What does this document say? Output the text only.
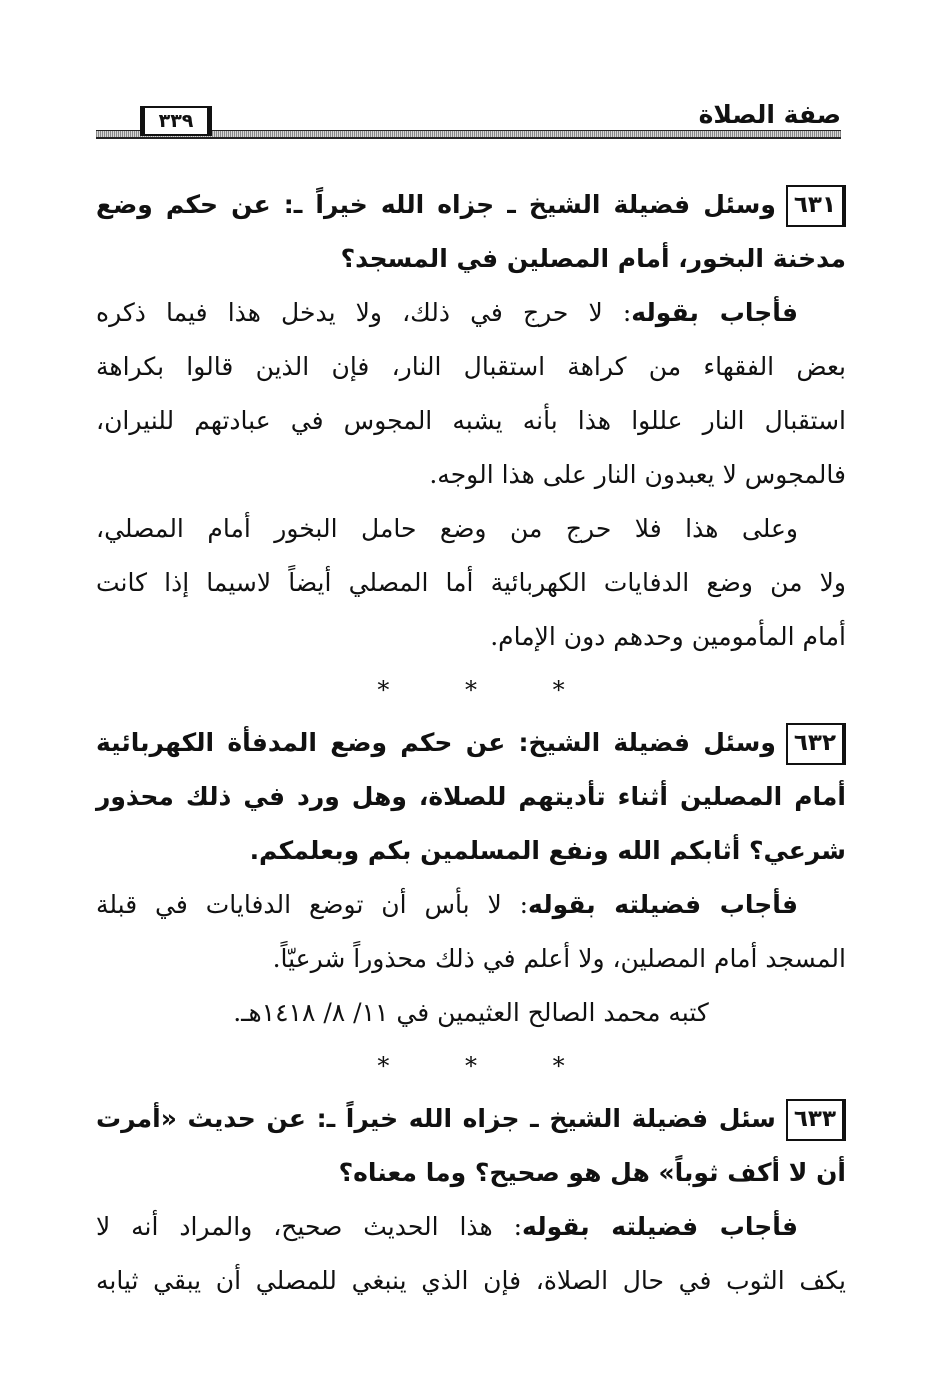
صفة الصلاة
٣٣٩
٦٣١وسئل فضيلة الشيخ ـ جزاه الله خيراً ـ: عن حكم وضع
مدخنة البخور، أمام المصلين في المسجد؟
فأجاب بقوله: لا حرج في ذلك، ولا يدخل هذا فيما ذكره
بعض الفقهاء من كراهة استقبال النار، فإن الذين قالوا بكراهة
استقبال النار عللوا هذا بأنه يشبه المجوس في عبادتهم للنيران،
فالمجوس لا يعبدون النار على هذا الوجه.
وعلى هذا فلا حرج من وضع حامل البخور أمام المصلي،
ولا من وضع الدفايات الكهربائية أما المصلي أيضاً لاسيما إذا كانت
أمام المأمومين وحدهم دون الإمام.
* * *
٦٣٢وسئل فضيلة الشيخ: عن حكم وضع المدفأة الكهربائية
أمام المصلين أثناء تأديتهم للصلاة، وهل ورد في ذلك محذور
شرعي؟ أثابكم الله ونفع المسلمين بكم وبعلمكم.
فأجاب فضيلته بقوله: لا بأس أن توضع الدفايات في قبلة
المسجد أمام المصلين، ولا أعلم في ذلك محذوراً شرعيّاً.
كتبه محمد الصالح العثيمين في ١١/ ٨/ ١٤١٨هـ.
* * *
٦٣٣سئل فضيلة الشيخ ـ جزاه الله خيراً ـ: عن حديث «أمرت
أن لا أكف ثوباً» هل هو صحيح؟ وما معناه؟
فأجاب فضيلته بقوله: هذا الحديث صحيح، والمراد أنه لا
يكف الثوب في حال الصلاة، فإن الذي ينبغي للمصلي أن يبقي ثيابه
